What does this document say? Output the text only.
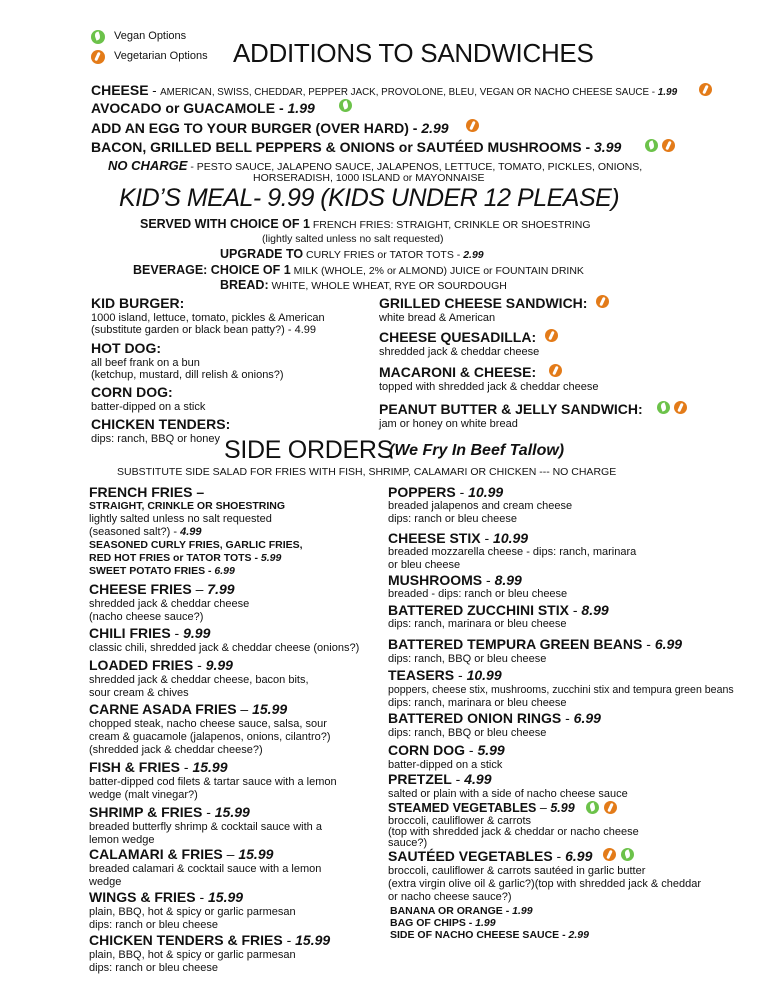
Vegan Options
Vegetarian Options ADDITIONS TO SANDWICHES
CHEESE - AMERICAN, SWISS, CHEDDAR, PEPPER JACK, PROVOLONE, BLEU, VEGAN OR NACHO CHEESE SAUCE - 1.99
AVOCADO or GUACAMOLE - 1.99
ADD AN EGG TO YOUR BURGER (OVER HARD) - 2.99
BACON, GRILLED BELL PEPPERS & ONIONS or SAUTÉED MUSHROOMS - 3.99
NO CHARGE - PESTO SAUCE, JALAPENO SAUCE, JALAPENOS, LETTUCE, TOMATO, PICKLES, ONIONS,
HORSERADISH, 1000 ISLAND or MAYONNAISE
KID’S MEAL- 9.99 (KIDS UNDER 12 PLEASE)
SERVED WITH CHOICE OF 1 FRENCH FRIES: STRAIGHT, CRINKLE OR SHOESTRING
(lightly salted unless no salt requested)
UPGRADE TO CURLY FRIES or TATOR TOTS - 2.99
BEVERAGE: CHOICE OF 1 MILK (WHOLE, 2% or ALMOND) JUICE or FOUNTAIN DRINK
BREAD: WHITE, WHOLE WHEAT, RYE OR SOURDOUGH
KID BURGER:
1000 island, lettuce, tomato, pickles & American
(substitute garden or black bean patty?) - 4.99
HOT DOG:
all beef frank on a bun
(ketchup, mustard, dill relish & onions?)
CORN DOG:
batter-dipped on a stick
CHICKEN TENDERS:
dips: ranch, BBQ or honey
GRILLED CHEESE SANDWICH:
white bread & American
CHEESE QUESADILLA:
shredded jack & cheddar cheese
MACARONI & CHEESE:
topped with shredded jack & cheddar cheese
PEANUT BUTTER & JELLY SANDWICH:
jam or honey on white bread
SIDE ORDERS
(We Fry In Beef Tallow)
SUBSTITUTE SIDE SALAD FOR FRIES WITH FISH, SHRIMP, CALAMARI OR CHICKEN --- NO CHARGE
FRENCH FRIES –
STRAIGHT, CRINKLE OR SHOESTRING
lightly salted unless no salt requested
(seasoned salt?) - 4.99
SEASONED CURLY FRIES, GARLIC FRIES,
RED HOT FRIES or TATOR TOTS - 5.99
SWEET POTATO FRIES - 6.99
CHEESE FRIES – 7.99
shredded jack & cheddar cheese
(nacho cheese sauce?)
CHILI FRIES - 9.99
classic chili, shredded jack & cheddar cheese (onions?)
LOADED FRIES - 9.99
shredded jack & cheddar cheese, bacon bits,
sour cream & chives
CARNE ASADA FRIES – 15.99
chopped steak, nacho cheese sauce, salsa, sour
cream & guacamole (jalapenos, onions, cilantro?)
(shredded jack & cheddar cheese?)
FISH & FRIES - 15.99
batter-dipped cod filets & tartar sauce with a lemon
wedge (malt vinegar?)
SHRIMP & FRIES - 15.99
breaded butterfly shrimp & cocktail sauce with a
lemon wedge
CALAMARI & FRIES – 15.99
breaded calamari & cocktail sauce with a lemon
wedge
WINGS & FRIES - 15.99
plain, BBQ, hot & spicy or garlic parmesan
dips: ranch or bleu cheese
CHICKEN TENDERS & FRIES - 15.99
plain, BBQ, hot & spicy or garlic parmesan
dips: ranch or bleu cheese
POPPERS - 10.99
breaded jalapenos and cream cheese
dips: ranch or bleu cheese
CHEESE STIX - 10.99
breaded mozzarella cheese - dips: ranch, marinara
or bleu cheese
MUSHROOMS - 8.99
breaded - dips: ranch or bleu cheese
BATTERED ZUCCHINI STIX - 8.99
dips: ranch, marinara or bleu cheese
BATTERED TEMPURA GREEN BEANS - 6.99
dips: ranch, BBQ or bleu cheese
TEASERS - 10.99
poppers, cheese stix, mushrooms, zucchini stix and tempura green beans
dips: ranch, marinara or bleu cheese
BATTERED ONION RINGS - 6.99
dips: ranch, BBQ or bleu cheese
CORN DOG - 5.99
batter-dipped on a stick
PRETZEL - 4.99
salted or plain with a side of nacho cheese sauce
STEAMED VEGETABLES – 5.99
broccoli, cauliflower & carrots
(top with shredded jack & cheddar or nacho cheese
sauce?)
SAUTÉED VEGETABLES - 6.99
broccoli, cauliflower & carrots sautéed in garlic butter
(extra virgin olive oil & garlic?)(top with shredded jack & cheddar
or nacho cheese sauce?)
BANANA OR ORANGE - 1.99
BAG OF CHIPS - 1.99
SIDE OF NACHO CHEESE SAUCE - 2.99
